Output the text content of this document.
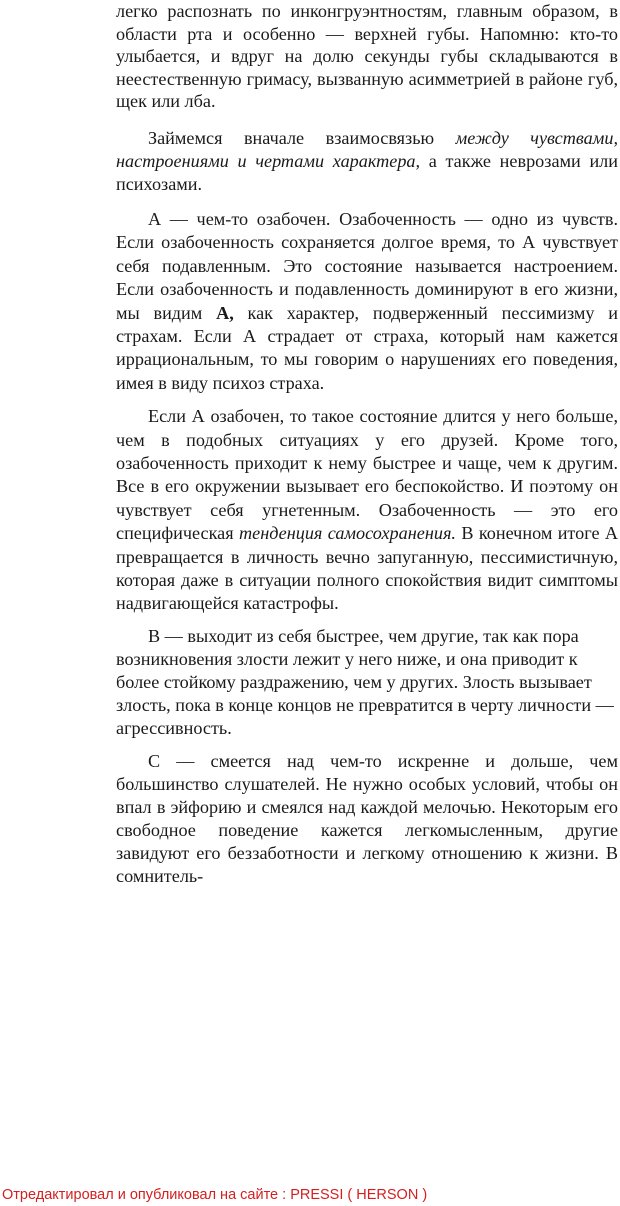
легко распознать по инконгруэнтностям, главным образом, в области рта и особенно — верхней губы. Напомню: кто-то улыбается, и вдруг на долю секунды губы складываются в неестественную гримасу, вызванную асимметрией в районе губ, щек или лба.

Займемся вначале взаимосвязью между чувствами, настроениями и чертами характера, а также неврозами или психозами.

А — чем-то озабочен. Озабоченность — одно из чувств. Если озабоченность сохраняется долгое время, то А чувствует себя подавленным. Это состояние называется настроением. Если озабоченность и подавленность доминируют в его жизни, мы видим А, как характер, подверженный пессимизму и страхам. Если А страдает от страха, который нам кажется иррациональным, то мы говорим о нарушениях его поведения, имея в виду психоз страха.

Если А озабочен, то такое состояние длится у него больше, чем в подобных ситуациях у его друзей. Кроме того, озабоченность приходит к нему быстрее и чаще, чем к другим. Все в его окружении вызывает его беспокойство. И поэтому он чувствует себя угнетенным. Озабоченность — это его специфическая тенденция самосохранения. В конечном итоге А превращается в личность вечно запуганную, пессимистичную, которая даже в ситуации полного спокойствия видит симптомы надвигающейся катастрофы.

В — выходит из себя быстрее, чем другие, так как пора возникновения злости лежит у него ниже, и она приводит к более стойкому раздражению, чем у других. Злость вызывает злость, пока в конце концов не превратится в черту личности — агрессивность.

С — смеется над чем-то искренне и дольше, чем большинство слушателей. Не нужно особых условий, чтобы он впал в эйфорию и смеялся над каждой мелочью. Некоторым его свободное поведение кажется легкомысленным, другие завидуют его беззаботности и легкому отношению к жизни. В сомнитель-

Отредактировал и опубликовал на сайте : PRESSI ( HERSON )
